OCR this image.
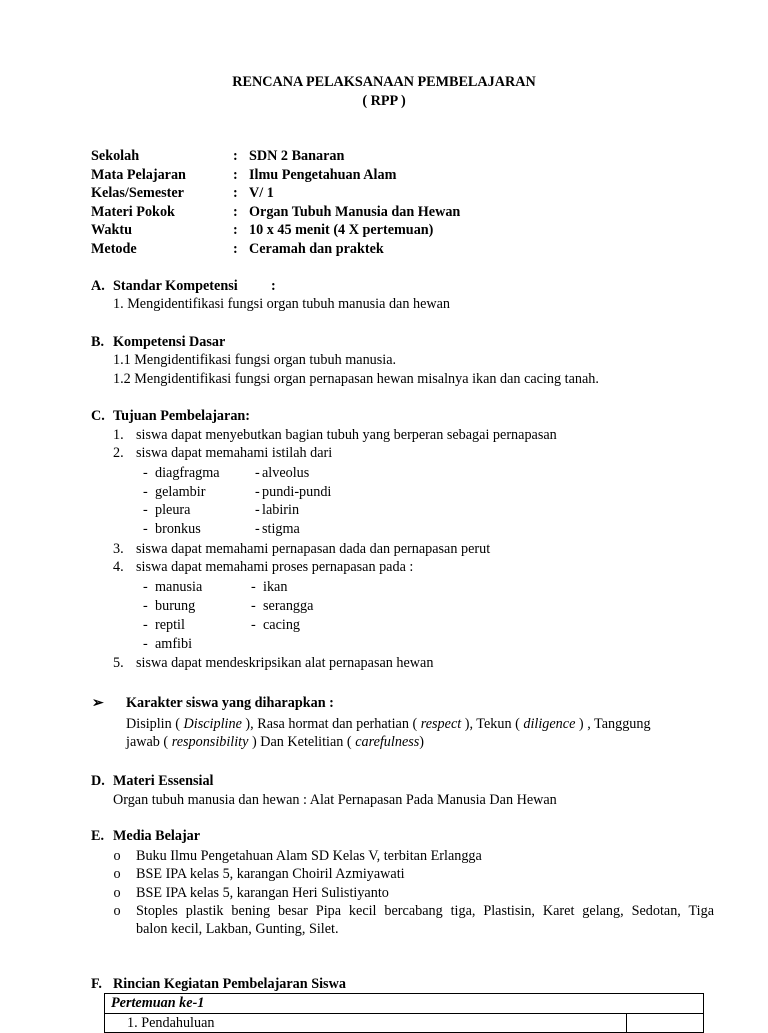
RENCANA PELAKSANAAN PEMBELAJARAN
( RPP )
Sekolah	: SDN 2 Banaran
Mata Pelajaran	: Ilmu Pengetahuan Alam
Kelas/Semester	: V/ 1
Materi Pokok	: Organ Tubuh Manusia dan Hewan
Waktu	: 10 x 45 menit (4 X pertemuan)
Metode	: Ceramah dan praktek
A. Standar Kompetensi :
1. Mengidentifikasi fungsi organ tubuh manusia dan hewan
B. Kompetensi Dasar
1.1 Mengidentifikasi fungsi organ tubuh manusia.
1.2 Mengidentifikasi fungsi organ pernapasan hewan misalnya ikan dan cacing tanah.
C. Tujuan Pembelajaran:
1. siswa dapat menyebutkan bagian tubuh yang berperan sebagai pernapasan
2. siswa dapat memahami istilah dari
- diagfragma - alveolus
- gelambir	- pundi-pundi
- pleura	- labirin
- bronkus	- stigma
3. siswa dapat memahami pernapasan dada dan pernapasan perut
4. siswa dapat memahami proses pernapasan pada :
- manusia	- ikan
- burung	- serangga
- reptil	- cacing
- amfibi
5. siswa dapat mendeskripsikan alat pernapasan hewan
➢ Karakter siswa yang diharapkan :
Disiplin ( Discipline ), Rasa hormat dan perhatian ( respect ), Tekun ( diligence ) , Tanggung
jawab ( responsibility ) Dan Ketelitian ( carefulness)
D. Materi Essensial
Organ tubuh manusia dan hewan : Alat Pernapasan Pada Manusia Dan Hewan
E. Media Belajar
o Buku Ilmu Pengetahuan Alam SD Kelas V, terbitan Erlangga
o BSE IPA kelas 5, karangan Choiril Azmiyawati
o BSE IPA kelas 5, karangan Heri Sulistiyanto
o Stoples plastik bening besar Pipa kecil bercabang tiga, Plastisin, Karet gelang, Sedotan, Tiga
balon kecil, Lakban, Gunting, Silet.
F. Rincian Kegiatan Pembelajaran Siswa
Pertemuan ke-1
1. Pendahuluan	
